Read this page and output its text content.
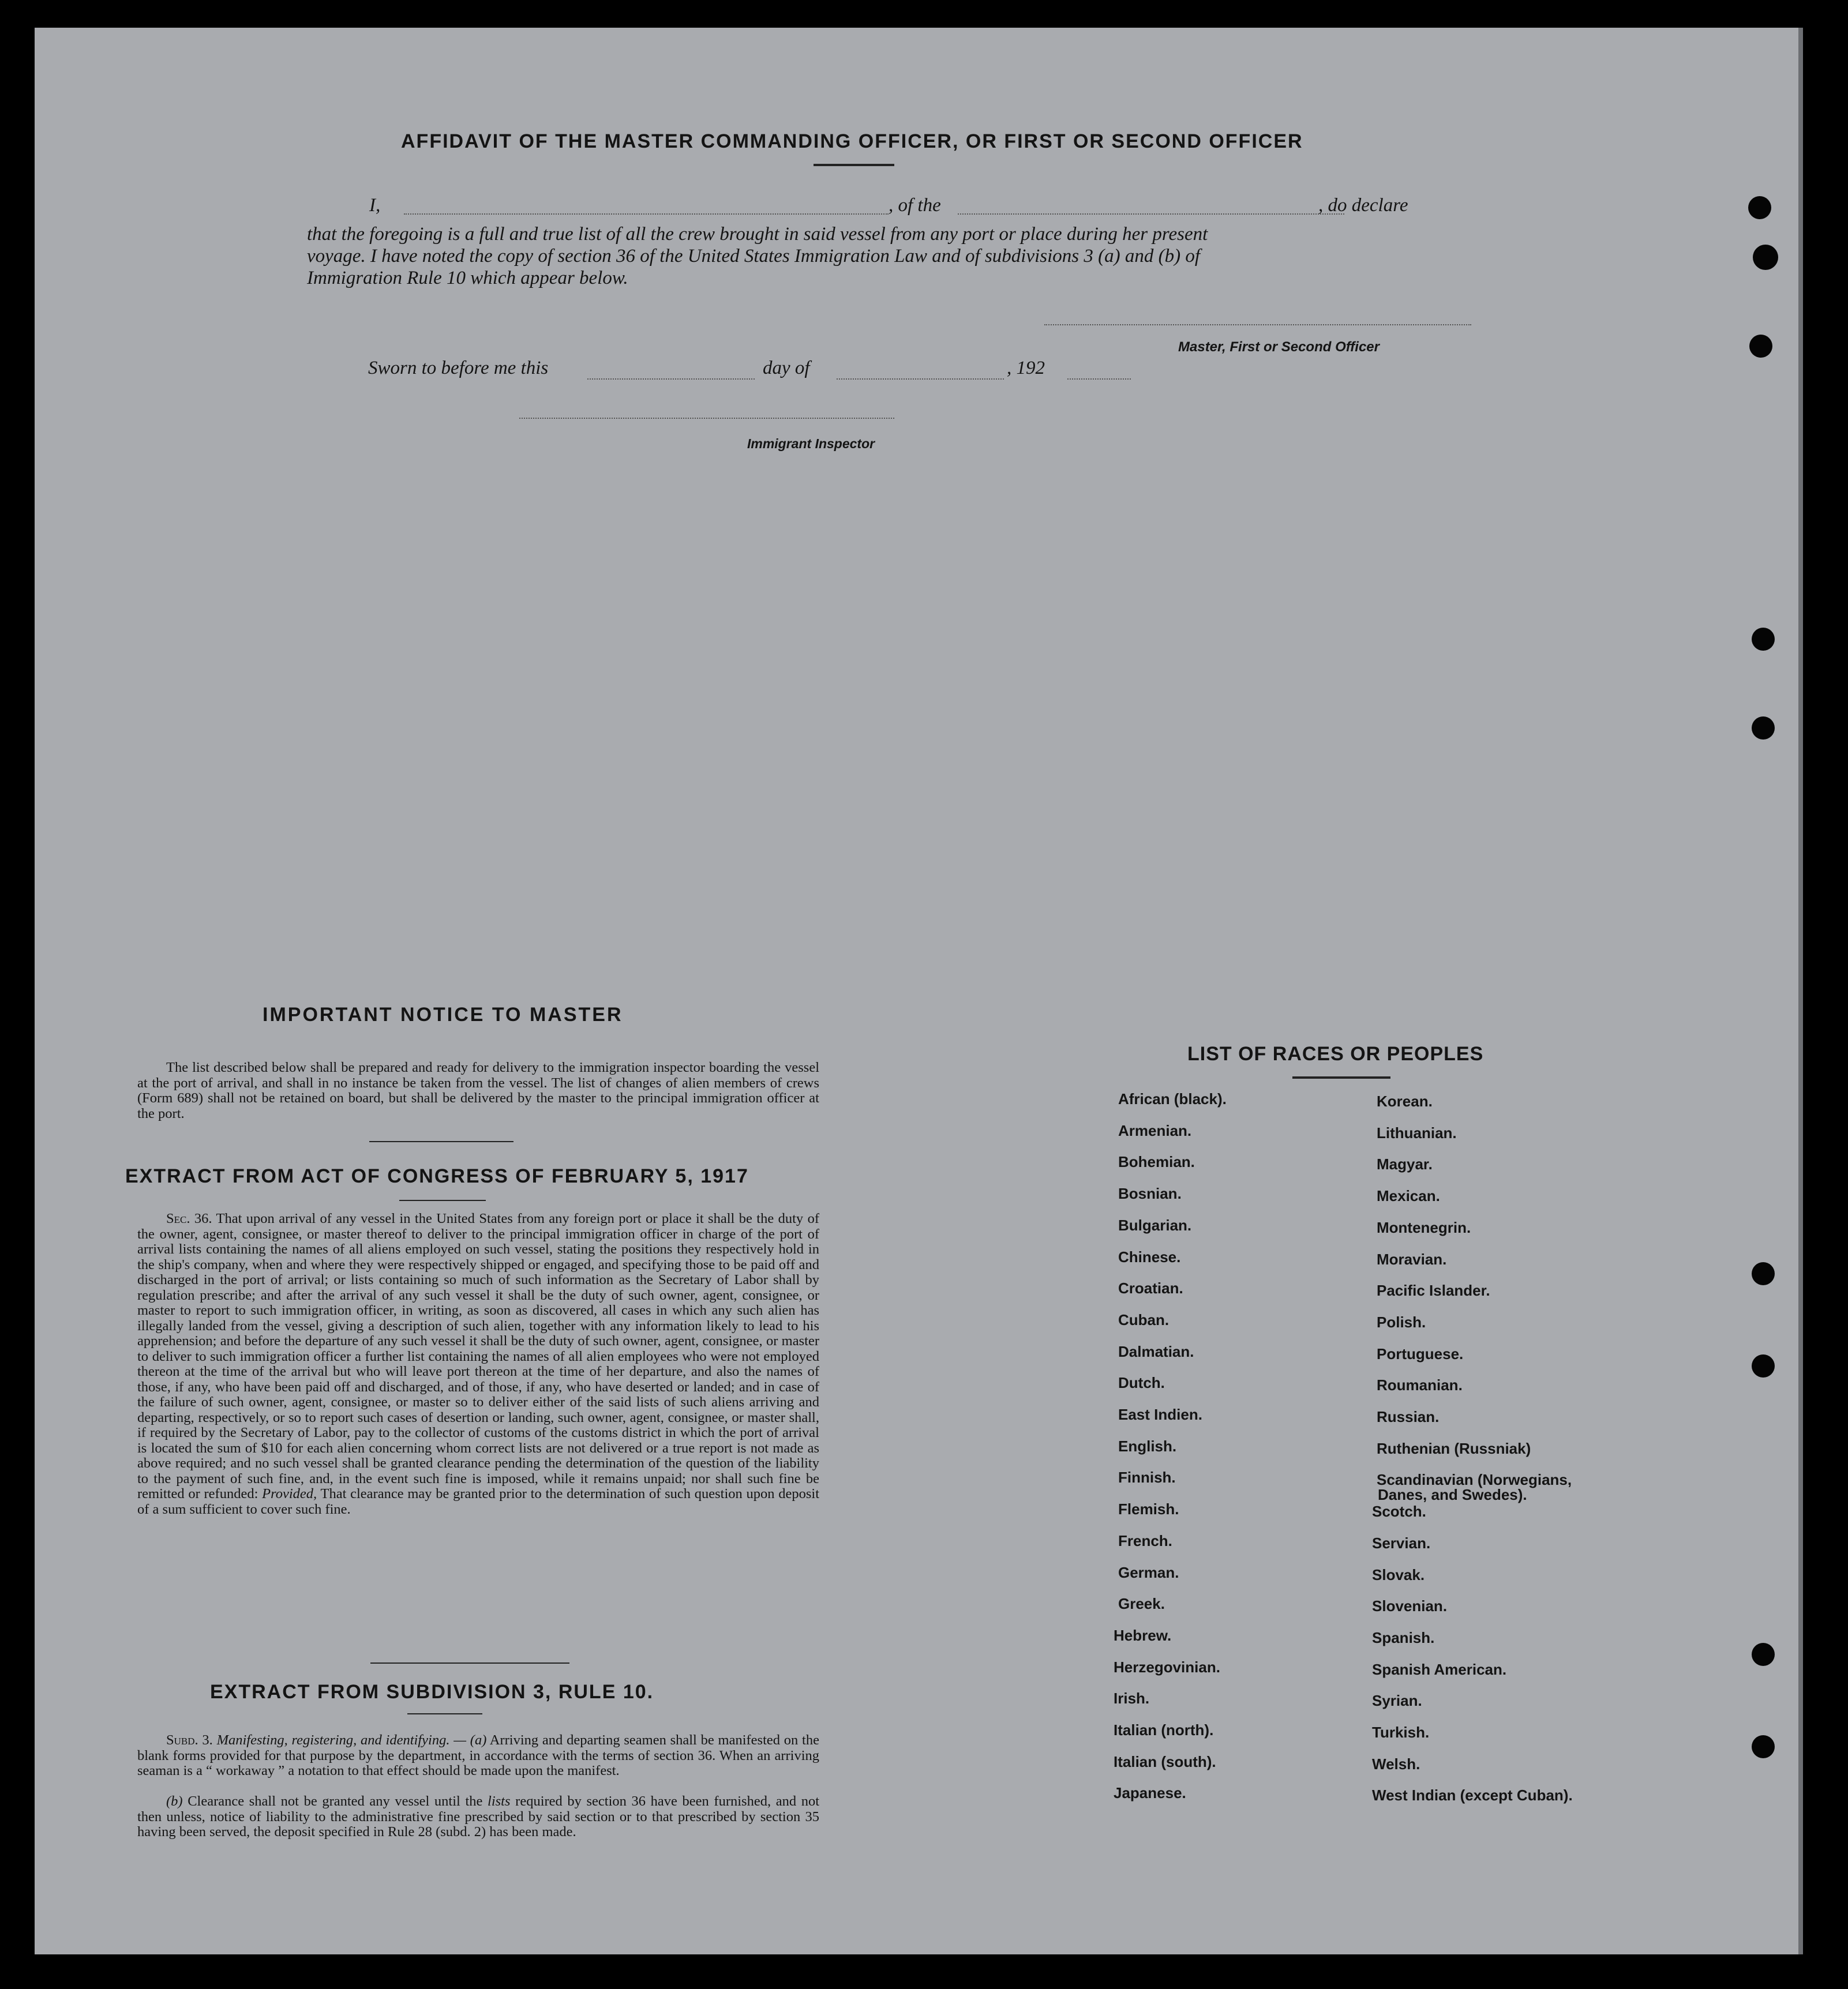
AFFIDAVIT OF THE MASTER COMMANDING OFFICER, OR FIRST OR SECOND OFFICER
I,	, of the	, do declare
that the foregoing is a full and true list of all the crew brought in said vessel from any port or place during her present
voyage. I have noted the copy of section 36 of the United States Immigration Law and of subdivisions 3 (a) and (b) of
Immigration Rule 10 which appear below.
Master, First or Second Officer
Sworn to before me this	day of	, 192
Immigrant Inspector
IMPORTANT NOTICE TO MASTER
The list described below shall be prepared and ready for delivery to the immigration inspector boarding the vessel at the port of arrival, and shall in no instance be taken from the vessel. The list of changes of alien members of crews (Form 689) shall not be retained on board, but shall be delivered by the master to the principal immigration officer at the port.
EXTRACT FROM ACT OF CONGRESS OF FEBRUARY 5, 1917
Sec. 36. That upon arrival of any vessel in the United States from any foreign port or place it shall be the duty of the owner, agent, consignee, or master thereof to deliver to the principal immigration officer in charge of the port of arrival lists containing the names of all aliens employed on such vessel, stating the positions they respectively hold in the ship's company, when and where they were respectively shipped or engaged, and specifying those to be paid off and discharged in the port of arrival; or lists containing so much of such information as the Secretary of Labor shall by regulation prescribe; and after the arrival of any such vessel it shall be the duty of such owner, agent, consignee, or master to report to such immigration officer, in writing, as soon as discovered, all cases in which any such alien has illegally landed from the vessel, giving a description of such alien, together with any information likely to lead to his apprehension; and before the departure of any such vessel it shall be the duty of such owner, agent, consignee, or master to deliver to such immigration officer a further list containing the names of all alien employees who were not employed thereon at the time of the arrival but who will leave port thereon at the time of her departure, and also the names of those, if any, who have been paid off and discharged, and of those, if any, who have deserted or landed; and in case of the failure of such owner, agent, consignee, or master so to deliver either of the said lists of such aliens arriving and departing, respectively, or so to report such cases of desertion or landing, such owner, agent, consignee, or master shall, if required by the Secretary of Labor, pay to the collector of customs of the customs district in which the port of arrival is located the sum of $10 for each alien concerning whom correct lists are not delivered or a true report is not made as above required; and no such vessel shall be granted clearance pending the determination of the question of the liability to the payment of such fine, and, in the event such fine is imposed, while it remains unpaid; nor shall such fine be remitted or refunded: Provided, That clearance may be granted prior to the determination of such question upon deposit of a sum sufficient to cover such fine.
EXTRACT FROM SUBDIVISION 3, RULE 10.
Subd. 3. Manifesting, registering, and identifying. — (a) Arriving and departing seamen shall be manifested on the blank forms provided for that purpose by the department, in accordance with the terms of section 36. When an arriving seaman is a “ workaway ” a notation to that effect should be made upon the manifest.
(b) Clearance shall not be granted any vessel until the lists required by section 36 have been furnished, and not then unless, notice of liability to the administrative fine prescribed by said section or to that prescribed by section 35 having been served, the deposit specified in Rule 28 (subd. 2) has been made.
LIST OF RACES OR PEOPLES
African (black).
Armenian.
Bohemian.
Bosnian.
Bulgarian.
Chinese.
Croatian.
Cuban.
Dalmatian.
Dutch.
East Indien.
English.
Finnish.
Flemish.
French.
German.
Greek.
Hebrew.
Herzegovinian.
Irish.
Italian (north).
Italian (south).
Japanese.
Korean.
Lithuanian.
Magyar.
Mexican.
Montenegrin.
Moravian.
Pacific Islander.
Polish.
Portuguese.
Roumanian.
Russian.
Ruthenian (Russniak)
Scandinavian (Norwegians,
Danes, and Swedes).
Scotch.
Servian.
Slovak.
Slovenian.
Spanish.
Spanish American.
Syrian.
Turkish.
Welsh.
West Indian (except Cuban).
